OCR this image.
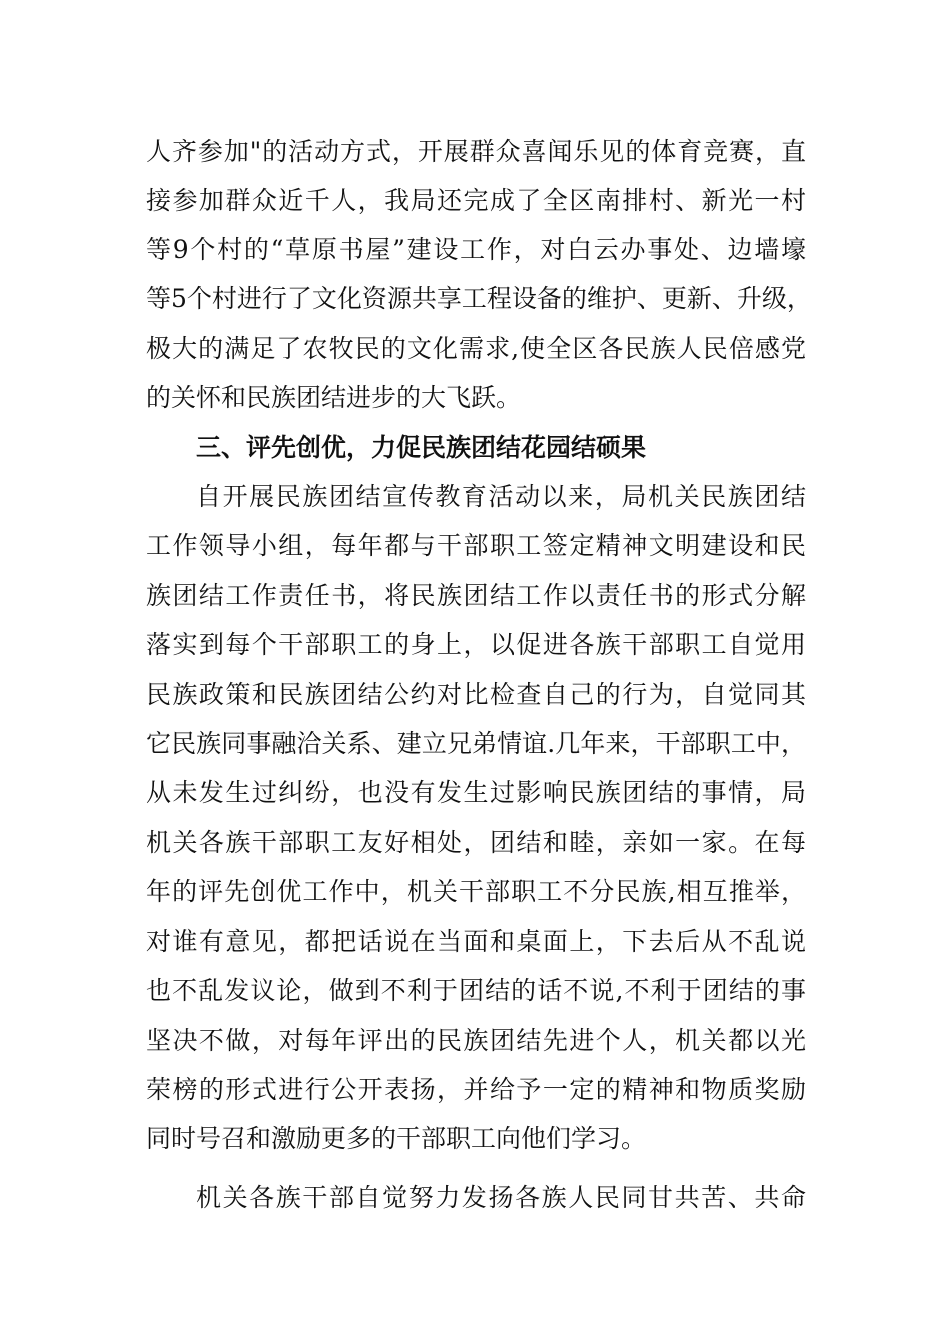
人齐参加"的活动方式，开展群众喜闻乐见的体育竞赛，直
接参加群众近千人，我局还完成了全区南排村、新光一村
等9个村的“草原书屋”建设工作，对白云办事处、边墙壕
等5个村进行了文化资源共享工程设备的维护、更新、升级，
极大的满足了农牧民的文化需求,使全区各民族人民倍感党
的关怀和民族团结进步的大飞跃。
三、评先创优，力促民族团结花园结硕果
自开展民族团结宣传教育活动以来，局机关民族团结
工作领导小组，每年都与干部职工签定精神文明建设和民
族团结工作责任书，将民族团结工作以责任书的形式分解
落实到每个干部职工的身上，以促进各族干部职工自觉用
民族政策和民族团结公约对比检查自己的行为，自觉同其
它民族同事融洽关系、建立兄弟情谊.几年来，干部职工中，
从未发生过纠纷，也没有发生过影响民族团结的事情，局
机关各族干部职工友好相处，团结和睦，亲如一家。在每
年的评先创优工作中，机关干部职工不分民族,相互推举，
对谁有意见，都把话说在当面和桌面上，下去后从不乱说
也不乱发议论，做到不利于团结的话不说,不利于团结的事
坚决不做，对每年评出的民族团结先进个人，机关都以光
荣榜的形式进行公开表扬，并给予一定的精神和物质奖励
同时号召和激励更多的干部职工向他们学习。
机关各族干部自觉努力发扬各族人民同甘共苦、共命
